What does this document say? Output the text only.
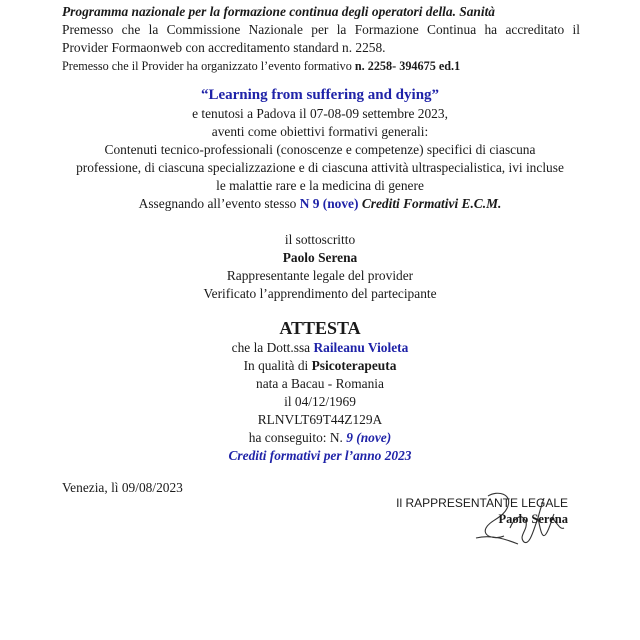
Programma nazionale per la formazione continua degli operatori della. Sanità
Premesso che la Commissione Nazionale per la Formazione Continua ha accreditato il
Provider Formaonweb con accreditamento standard n. 2258.
Premesso che il Provider ha organizzato l’evento formativo n. 2258- 394675 ed.1
“Learning from suffering and dying”
e tenutosi a Padova il 07-08-09 settembre 2023,
aventi come obiettivi formativi generali:
Contenuti tecnico-professionali (conoscenze e competenze) specifici di ciascuna
professione, di ciascuna specializzazione e di ciascuna attività ultraspecialistica, ivi incluse
le malattie rare e la medicina di genere
Assegnando all’evento stesso N 9 (nove) Crediti Formativi E.C.M.
il sottoscritto
Paolo Serena
Rappresentante legale del provider
Verificato l’apprendimento del partecipante
ATTESTA
che la Dott.ssa Raileanu Violeta
In qualità di Psicoterapeuta
nata a Bacau - Romania
il 04/12/1969
RLNVLT69T44Z129A
ha conseguito: N. 9 (nove)
Crediti formativi per l’anno 2023
Venezia, lì 09/08/2023
Il RAPPRESENTANTE LEGALE
Paolo Serena
